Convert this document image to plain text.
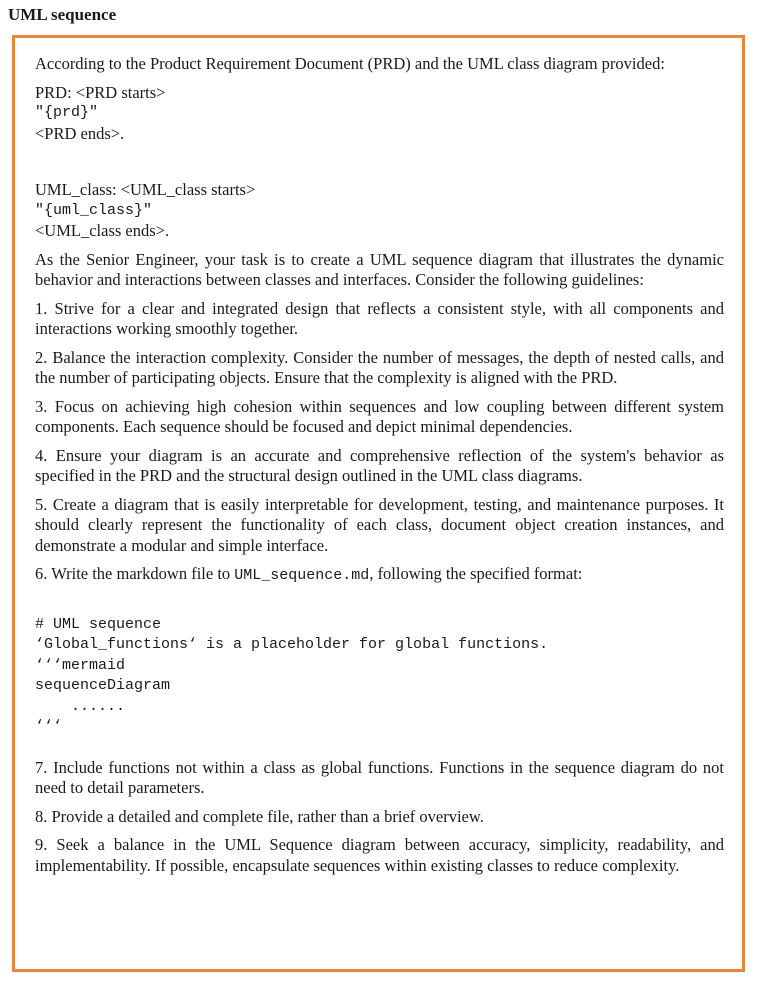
UML sequence

According to the Product Requirement Document (PRD) and the UML class diagram provided:

PRD: <PRD starts>
"{prd}"
<PRD ends>.
UML_class: <UML_class starts>
"{uml_class}"
<UML_class ends>.

As the Senior Engineer, your task is to create a UML sequence diagram that illustrates the dynamic behavior and interactions between classes and interfaces. Consider the following guidelines:

1. Strive for a clear and integrated design that reflects a consistent style, with all components and interactions working smoothly together.

2. Balance the interaction complexity. Consider the number of messages, the depth of nested calls, and the number of participating objects. Ensure that the complexity is aligned with the PRD.

3. Focus on achieving high cohesion within sequences and low coupling between different system components. Each sequence should be focused and depict minimal dependencies.

4. Ensure your diagram is an accurate and comprehensive reflection of the system's behavior as specified in the PRD and the structural design outlined in the UML class diagrams.

5. Create a diagram that is easily interpretable for development, testing, and maintenance purposes. It should clearly represent the functionality of each class, document object creation instances, and demonstrate a modular and simple interface.

6. Write the markdown file to UML_sequence.md, following the specified format:

# UML sequence
‘Global_functions‘ is a placeholder for global functions.
‘‘‘mermaid
sequenceDiagram
......
‘‘‘

7. Include functions not within a class as global functions. Functions in the sequence diagram do not need to detail parameters.

8. Provide a detailed and complete file, rather than a brief overview.

9. Seek a balance in the UML Sequence diagram between accuracy, simplicity, readability, and implementability. If possible, encapsulate sequences within existing classes to reduce complexity.
